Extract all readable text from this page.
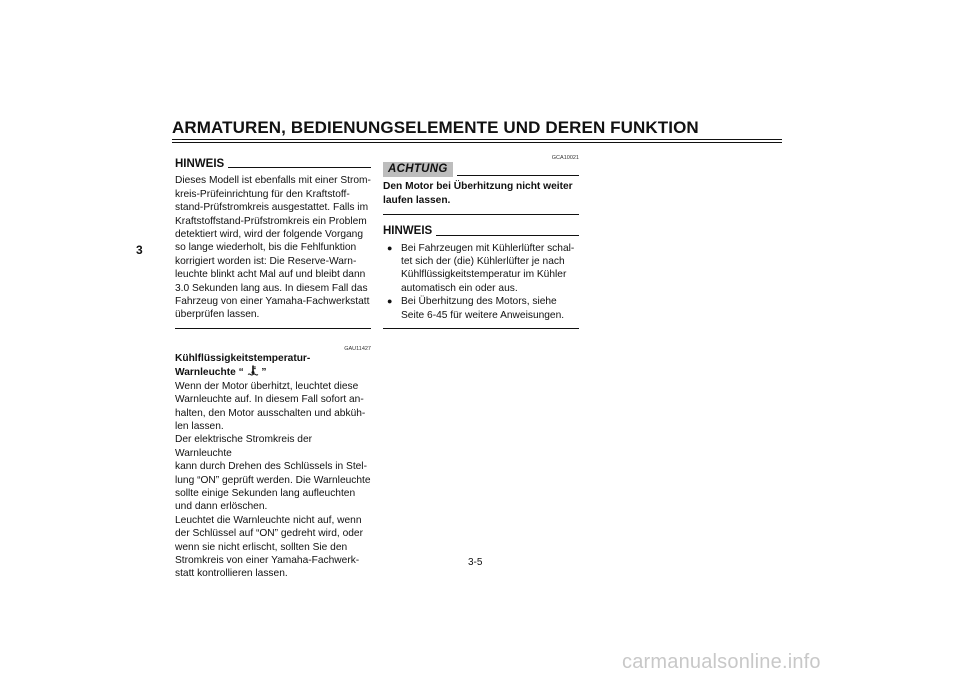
ARMATUREN, BEDIENUNGSELEMENTE UND DEREN FUNKTION
3
HINWEIS
Dieses Modell ist ebenfalls mit einer Strom-
kreis-Prüfeinrichtung für den Kraftstoff-
stand-Prüfstromkreis ausgestattet. Falls im
Kraftstoffstand-Prüfstromkreis ein Problem
detektiert wird, wird der folgende Vorgang
so lange wiederholt, bis die Fehlfunktion
korrigiert worden ist: Die Reserve-Warn-
leuchte blinkt acht Mal auf und bleibt dann
3.0 Sekunden lang aus. In diesem Fall das
Fahrzeug von einer Yamaha-Fachwerkstatt
überprüfen lassen.
GAU11427
Kühlflüssigkeitstemperatur-
Warnleuchte “ ”
Wenn der Motor überhitzt, leuchtet diese
Warnleuchte auf. In diesem Fall sofort an-
halten, den Motor ausschalten und abküh-
len lassen.
Der elektrische Stromkreis der Warnleuchte
kann durch Drehen des Schlüssels in Stel-
lung “ON” geprüft werden. Die Warnleuchte
sollte einige Sekunden lang aufleuchten
und dann erlöschen.
Leuchtet die Warnleuchte nicht auf, wenn
der Schlüssel auf “ON” gedreht wird, oder
wenn sie nicht erlischt, sollten Sie den
Stromkreis von einer Yamaha-Fachwerk-
statt kontrollieren lassen.
GCA10021
ACHTUNG
Den Motor bei Überhitzung nicht weiter
laufen lassen.
HINWEIS
● Bei Fahrzeugen mit Kühlerlüfter schal-
tet sich der (die) Kühlerlüfter je nach
Kühlflüssigkeitstemperatur im Kühler
automatisch ein oder aus.
● Bei Überhitzung des Motors, siehe
Seite 6-45 für weitere Anweisungen.
3-5
carmanualsonline.info
